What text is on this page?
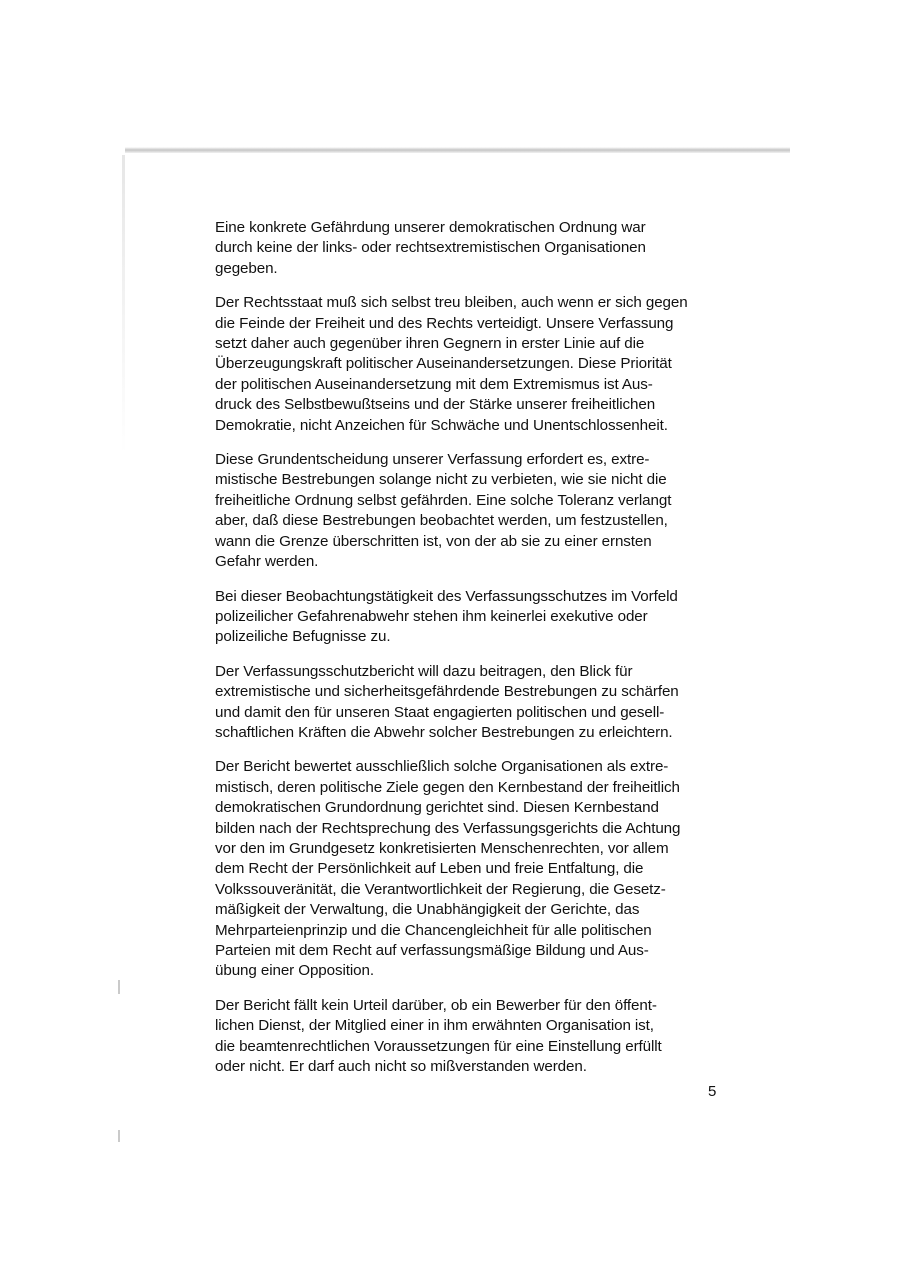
Eine konkrete Gefährdung unserer demokratischen Ordnung war
durch keine der links- oder rechtsextremistischen Organisationen
gegeben.

Der Rechtsstaat muß sich selbst treu bleiben, auch wenn er sich gegen
die Feinde der Freiheit und des Rechts verteidigt. Unsere Verfassung
setzt daher auch gegenüber ihren Gegnern in erster Linie auf die
Überzeugungskraft politischer Auseinandersetzungen. Diese Priorität
der politischen Auseinandersetzung mit dem Extremismus ist Aus-
druck des Selbstbewußtseins und der Stärke unserer freiheitlichen
Demokratie, nicht Anzeichen für Schwäche und Unentschlossenheit.

Diese Grundentscheidung unserer Verfassung erfordert es, extre-
mistische Bestrebungen solange nicht zu verbieten, wie sie nicht die
freiheitliche Ordnung selbst gefährden. Eine solche Toleranz verlangt
aber, daß diese Bestrebungen beobachtet werden, um festzustellen,
wann die Grenze überschritten ist, von der ab sie zu einer ernsten
Gefahr werden.

Bei dieser Beobachtungstätigkeit des Verfassungsschutzes im Vorfeld
polizeilicher Gefahrenabwehr stehen ihm keinerlei exekutive oder
polizeiliche Befugnisse zu.

Der Verfassungsschutzbericht will dazu beitragen, den Blick für
extremistische und sicherheitsgefährdende Bestrebungen zu schärfen
und damit den für unseren Staat engagierten politischen und gesell-
schaftlichen Kräften die Abwehr solcher Bestrebungen zu erleichtern.

Der Bericht bewertet ausschließlich solche Organisationen als extre-
mistisch, deren politische Ziele gegen den Kernbestand der freiheitlich
demokratischen Grundordnung gerichtet sind. Diesen Kernbestand
bilden nach der Rechtsprechung des Verfassungsgerichts die Achtung
vor den im Grundgesetz konkretisierten Menschenrechten, vor allem
dem Recht der Persönlichkeit auf Leben und freie Entfaltung, die
Volkssouveränität, die Verantwortlichkeit der Regierung, die Gesetz-
mäßigkeit der Verwaltung, die Unabhängigkeit der Gerichte, das
Mehrparteienprinzip und die Chancengleichheit für alle politischen
Parteien mit dem Recht auf verfassungsmäßige Bildung und Aus-
übung einer Opposition.

Der Bericht fällt kein Urteil darüber, ob ein Bewerber für den öffent-
lichen Dienst, der Mitglied einer in ihm erwähnten Organisation ist,
die beamtenrechtlichen Voraussetzungen für eine Einstellung erfüllt
oder nicht. Er darf auch nicht so mißverstanden werden.

5
